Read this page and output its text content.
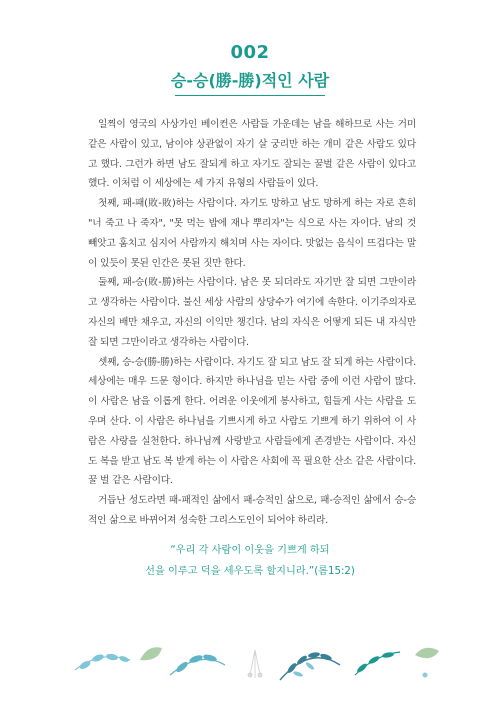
002
승-승(勝-勝)적인 사람

일찍이 영국의 사상가인 베이컨은 사람들 가운데는 남을 해하므로 사는 거미 같은 사람이 있고, 남이야 상관없이 자기 살 궁리만 하는 개미 같은 사람도 있다고 했다. 그런가 하면 남도 잘되게 하고 자기도 잘되는 꿀벌 같은 사람이 있다고 했다. 이처럼 이 세상에는 세 가지 유형의 사람들이 있다.

첫째, 패-패(敗-敗)하는 사람이다. 자기도 망하고 남도 망하게 하는 자로 흔히 "너 죽고 나 죽자", "못 먹는 밥에 재나 뿌리자"는 식으로 사는 자이다. 남의 것 빼앗고 훔치고 심지어 사람까지 해치며 사는 자이다. 맛없는 음식이 뜨겁다는 말이 있듯이 못된 인간은 못된 짓만 한다.

둘째, 패-승(敗-勝)하는 사람이다. 남은 못 되더라도 자기만 잘 되면 그만이라고 생각하는 사람이다. 불신 세상 사람의 상당수가 여기에 속한다. 이기주의자로 자신의 배만 채우고, 자신의 이익만 챙긴다. 남의 자식은 어떻게 되든 내 자식만 잘 되면 그만이라고 생각하는 사람이다.

셋째, 승-승(勝-勝)하는 사람이다. 자기도 잘 되고 남도 잘 되게 하는 사람이다. 세상에는 매우 드문 형이다. 하지만 하나님을 믿는 사람 중에 이런 사람이 많다. 이 사람은 남을 이롭게 한다. 어려운 이웃에게 봉사하고, 힘들게 사는 사람을 도우며 산다. 이 사람은 하나님을 기쁘시게 하고 사람도 기쁘게 하기 위하여 이 사람은 사랑을 실천한다. 하나님께 사랑받고 사람들에게 존경받는 사람이다. 자신도 복을 받고 남도 복 받게 하는 이 사람은 사회에 꼭 필요한 산소 같은 사람이다. 꿀 벌 같은 사람이다.

거듭난 성도라면 패-패적인 삶에서 패-승적인 삶으로, 패-승적인 삶에서 승-승적인 삶으로 바뀌어져 성숙한 그리스도인이 되어야 하리라.

“우리 각 사람이 이웃을 기쁘게 하되
선을 이루고 덕을 세우도록 할지니라.”(롬15:2)
